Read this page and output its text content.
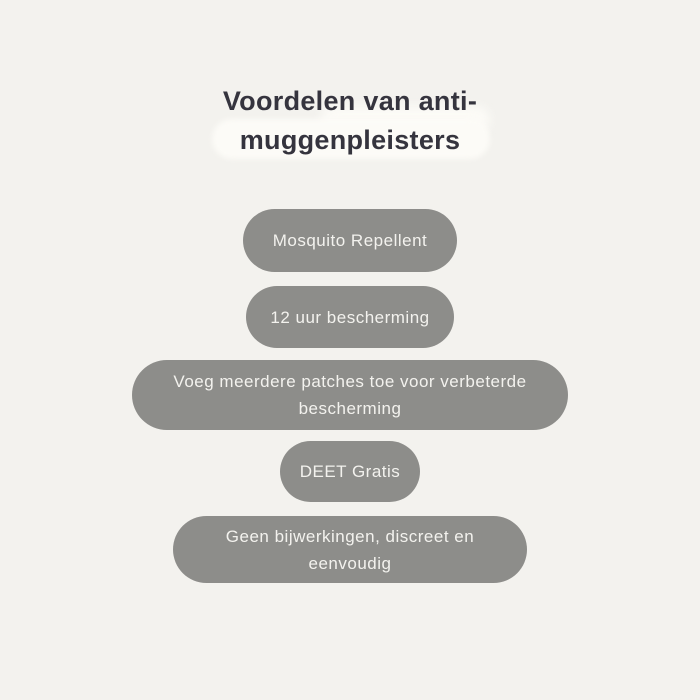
Voordelen van anti-
muggenpleisters
Mosquito Repellent
12 uur bescherming
Voeg meerdere patches toe voor verbeterde bescherming
DEET Gratis
Geen bijwerkingen, discreet en eenvoudig
